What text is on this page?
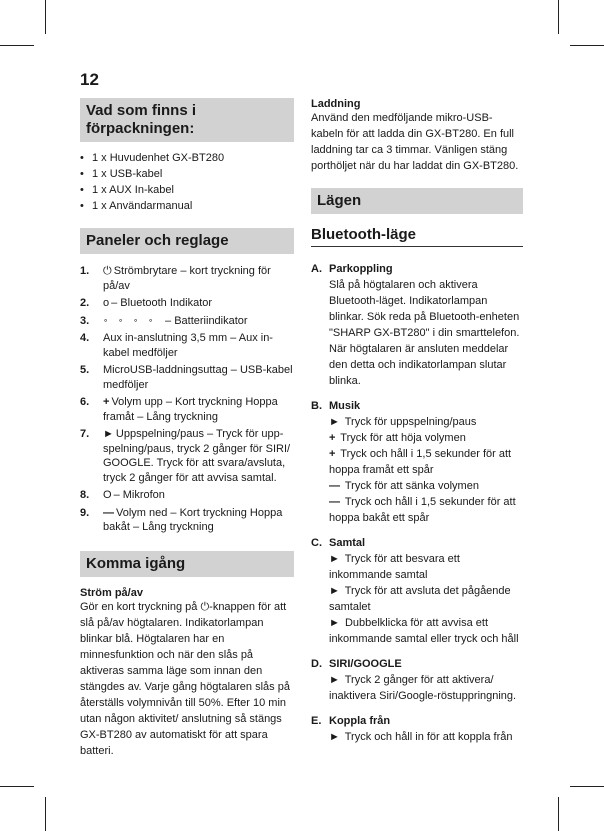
12
Vad som finns i förpackningen:
• 1 x Huvudenhet GX-BT280
• 1 x USB-kabel
• 1 x AUX In-kabel
• 1 x Användarmanual
Paneler och reglage
1.	⏻ Strömbrytare – kort tryckning för på/av
2.	o – Bluetooth Indikator
3.	∘∘∘∘ – Batteriindikator
4.	Aux in-anslutning 3,5 mm – Aux in-kabel medföljer
5.	MicroUSB-laddningsuttag – USB-kabel medföljer
6.	+ Volym upp – Kort tryckning Hoppa framåt – Lång tryckning
7.	► Uppspelning/paus – Tryck för upp-spelning/paus, tryck 2 gånger för SIRI/ GOOGLE. Tryck för att svara/avsluta, tryck 2 gånger för att avvisa samtal.
8.	O – Mikrofon
9.	— Volym ned – Kort tryckning Hoppa bakåt – Lång tryckning
Komma igång
Ström på/av
Gör en kort tryckning på ⏻-knappen för att slå på/av högtalaren. Indikatorlampan blinkar blå. Högtalaren har en minnesfunktion och när den slås på aktiveras samma läge som innan den stängdes av. Varje gång högtalaren slås på återställs volymnivån till 50%. Efter 10 min utan någon aktivitet/ anslutning så stängs GX-BT280 av automatiskt för att spara batteri.
Laddning
Använd den medföljande mikro-USB-kabeln för att ladda din GX-BT280. En full laddning tar ca 3 timmar. Vänligen stäng porthöljet när du har laddat din GX-BT280.
Lägen
Bluetooth-läge
A. Parkoppling
Slå på högtalaren och aktivera Bluetooth-läget. Indikatorlampan blinkar. Sök reda på Bluetooth-enheten "SHARP GX-BT280" i din smarttelefon. När högtalaren är ansluten meddelar den detta och indikatorlampan slutar blinka.
B. Musik
► Tryck för uppspelning/paus
+ Tryck för att höja volymen
+ Tryck och håll i 1,5 sekunder för att hoppa framåt ett spår
— Tryck för att sänka volymen
— Tryck och håll i 1,5 sekunder för att hoppa bakåt ett spår
C. Samtal
► Tryck för att besvara ett inkommande samtal
► Tryck för att avsluta det pågående samtalet
► Dubbelklicka för att avvisa ett inkommande samtal eller tryck och håll
D. SIRI/GOOGLE
► Tryck 2 gånger för att aktivera/ inaktivera Siri/Google-röstuppringning.
E. Koppla från
► Tryck och håll in för att koppla från
